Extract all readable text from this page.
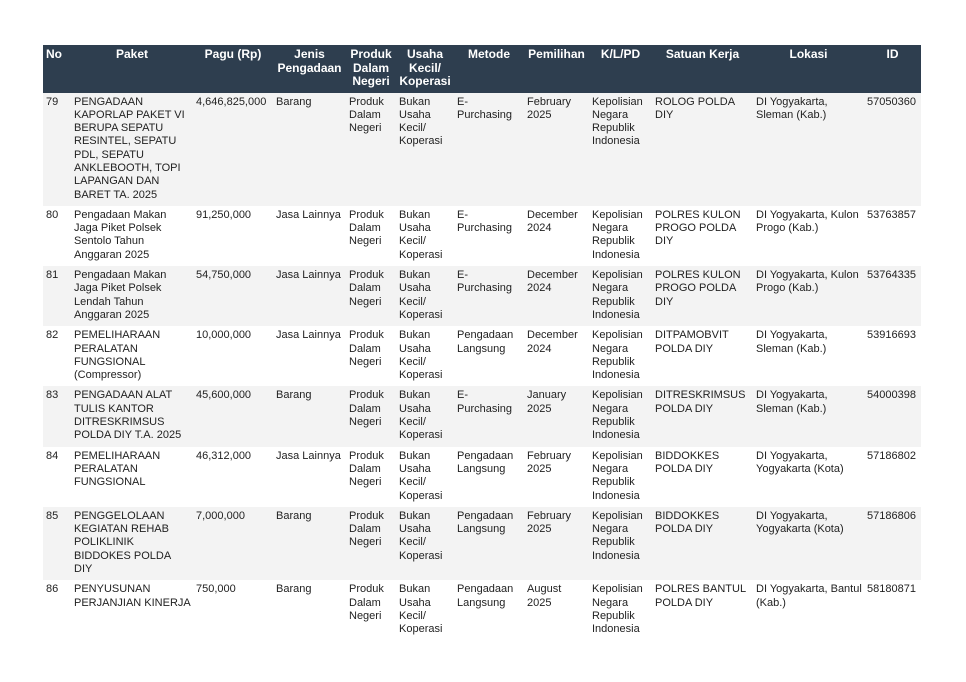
No	Paket	Pagu (Rp)	Jenis Pengadaan	Produk Dalam Negeri	Usaha Kecil/ Koperasi	Metode	Pemilihan	K/L/PD	Satuan Kerja	Lokasi	ID
79	PENGADAAN KAPORLAP PAKET VI BERUPA SEPATU RESINTEL, SEPATU PDL, SEPATU ANKLEBOOTH, TOPI LAPANGAN DAN BARET TA. 2025	4,646,825,000	Barang	Produk Dalam Negeri	Bukan Usaha Kecil/ Koperasi	E-Purchasing	February 2025	Kepolisian Negara Republik Indonesia	ROLOG POLDA DIY	DI Yogyakarta, Sleman (Kab.)	57050360
80	Pengadaan Makan Jaga Piket Polsek Sentolo Tahun Anggaran 2025	91,250,000	Jasa Lainnya	Produk Dalam Negeri	Bukan Usaha Kecil/ Koperasi	E-Purchasing	December 2024	Kepolisian Negara Republik Indonesia	POLRES KULON PROGO POLDA DIY	DI Yogyakarta, Kulon Progo (Kab.)	53763857
81	Pengadaan Makan Jaga Piket Polsek Lendah Tahun Anggaran 2025	54,750,000	Jasa Lainnya	Produk Dalam Negeri	Bukan Usaha Kecil/ Koperasi	E-Purchasing	December 2024	Kepolisian Negara Republik Indonesia	POLRES KULON PROGO POLDA DIY	DI Yogyakarta, Kulon Progo (Kab.)	53764335
82	PEMELIHARAAN PERALATAN FUNGSIONAL (Compressor)	10,000,000	Jasa Lainnya	Produk Dalam Negeri	Bukan Usaha Kecil/ Koperasi	Pengadaan Langsung	December 2024	Kepolisian Negara Republik Indonesia	DITPAMOBVIT POLDA DIY	DI Yogyakarta, Sleman (Kab.)	53916693
83	PENGADAAN ALAT TULIS KANTOR DITRESKRIMSUS POLDA DIY T.A. 2025	45,600,000	Barang	Produk Dalam Negeri	Bukan Usaha Kecil/ Koperasi	E-Purchasing	January 2025	Kepolisian Negara Republik Indonesia	DITRESKRIMSUS POLDA DIY	DI Yogyakarta, Sleman (Kab.)	54000398
84	PEMELIHARAAN PERALATAN FUNGSIONAL	46,312,000	Jasa Lainnya	Produk Dalam Negeri	Bukan Usaha Kecil/ Koperasi	Pengadaan Langsung	February 2025	Kepolisian Negara Republik Indonesia	BIDDOKKES POLDA DIY	DI Yogyakarta, Yogyakarta (Kota)	57186802
85	PENGGELOLAAN KEGIATAN REHAB POLIKLINIK BIDDOKES POLDA DIY	7,000,000	Barang	Produk Dalam Negeri	Bukan Usaha Kecil/ Koperasi	Pengadaan Langsung	February 2025	Kepolisian Negara Republik Indonesia	BIDDOKKES POLDA DIY	DI Yogyakarta, Yogyakarta (Kota)	57186806
86	PENYUSUNAN PERJANJIAN KINERJA	750,000	Barang	Produk Dalam Negeri	Bukan Usaha Kecil/ Koperasi	Pengadaan Langsung	August 2025	Kepolisian Negara Republik Indonesia	POLRES BANTUL POLDA DIY	DI Yogyakarta, Bantul (Kab.)	58180871
